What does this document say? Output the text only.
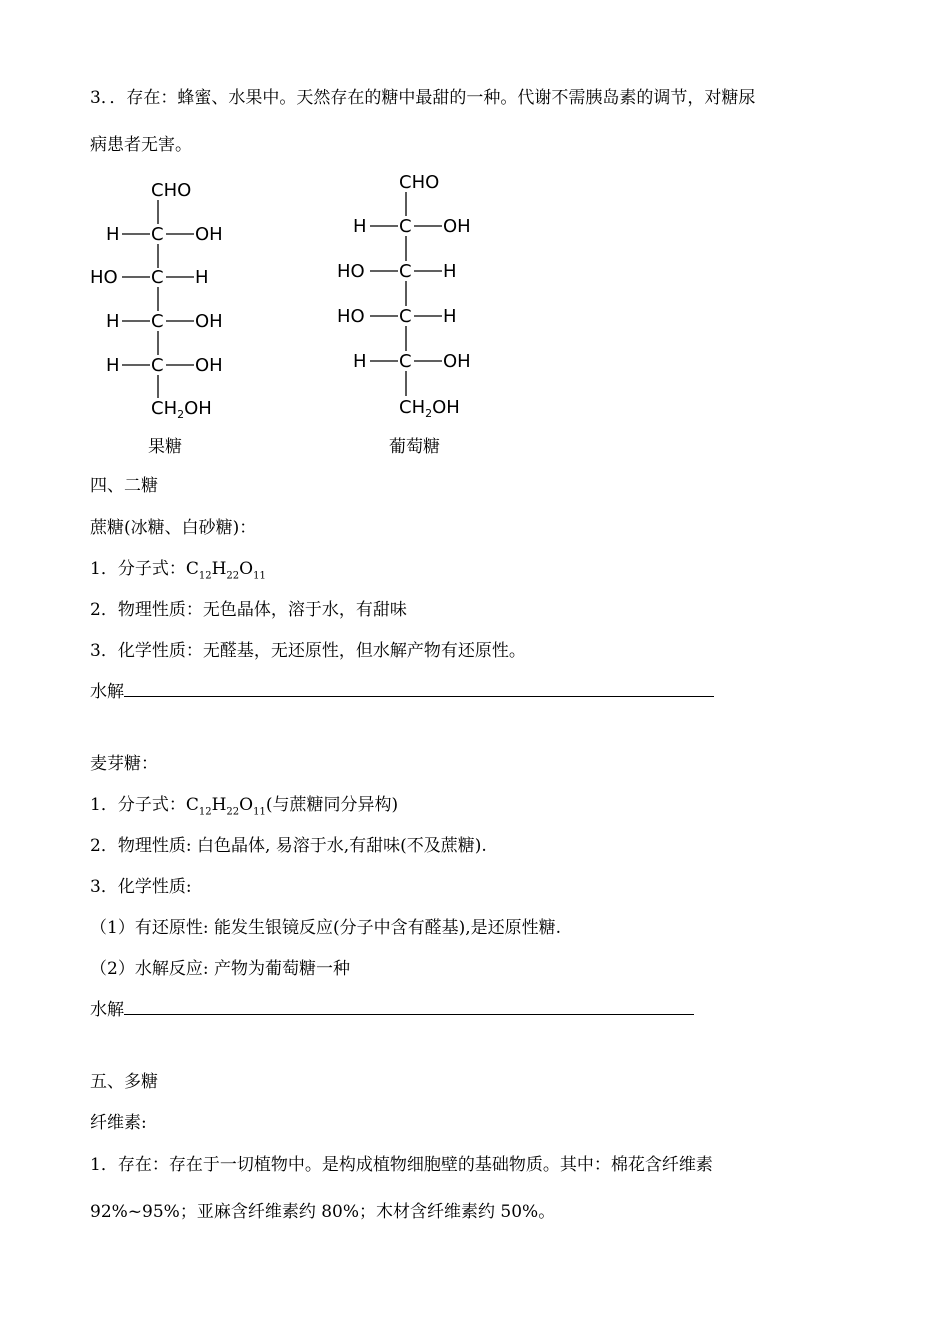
3．．存在：蜂蜜、水果中。天然存在的糖中最甜的一种。代谢不需胰岛素的调节，对糖尿
病患者无害。
CHO
H C OH
HO C H
H C OH
H C OH
$CH_2OH$
CHO
H C OH
HO C H
HO C H
H C OH
$CH_2OH$
果糖	葡萄糖
四、二糖
蔗糖(冰糖、白砂糖)：
1．分子式：$C_{12}H_{22}O_{11}$
2．物理性质：无色晶体，溶于水，有甜味
3．化学性质：无醛基，无还原性，但水解产物有还原性。
水解
麦芽糖：
1．分子式：$C_{12}H_{22}O_{11}$(与蔗糖同分异构)
2．物理性质: 白色晶体, 易溶于水,有甜味(不及蔗糖).
3．化学性质:
（1）有还原性: 能发生银镜反应(分子中含有醛基),是还原性糖.
（2）水解反应: 产物为葡萄糖一种
水解
五、多糖
纤维素:
1．存在：存在于一切植物中。是构成植物细胞壁的基础物质。其中：棉花含纤维素
92%~95%；亚麻含纤维素约 80%；木材含纤维素约 50%。
